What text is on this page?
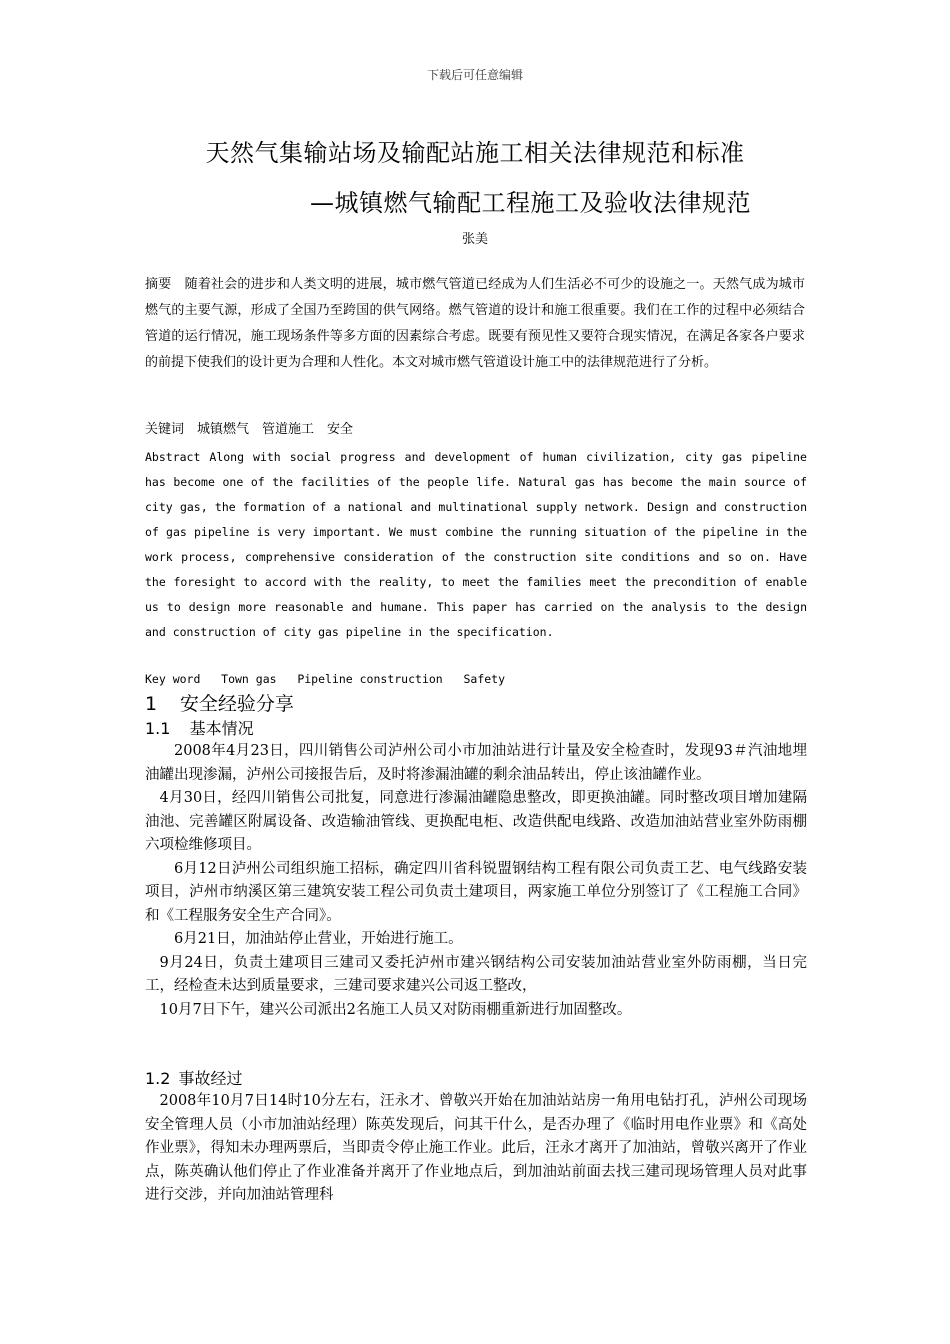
下载后可任意编辑
天然气集输站场及输配站施工相关法律规范和标准
—城镇燃气输配工程施工及验收法律规范
张美
摘要　随着社会的进步和人类文明的进展，城市燃气管道已经成为人们生活必不可少的设施之一。天然气成为城市燃气的主要气源，形成了全国乃至跨国的供气网络。燃气管道的设计和施工很重要。我们在工作的过程中必须结合管道的运行情况，施工现场条件等多方面的因素综合考虑。既要有预见性又要符合现实情况，在满足各家各户要求的前提下使我们的设计更为合理和人性化。本文对城市燃气管道设计施工中的法律规范进行了分析。
关键词　城镇燃气　管道施工　安全
Abstract Along with social progress and development of human civilization, city gas pipeline has become one of the facilities of the people life. Natural gas has become the main source of city gas, the formation of a national and multinational supply network. Design and construction of gas pipeline is very important. We must combine the running situation of the pipeline in the work process, comprehensive consideration of the construction site conditions and so on. Have the foresight to accord with the reality, to meet the families meet the precondition of enable us to design more reasonable and humane. This paper has carried on the analysis to the design and construction of city gas pipeline in the specification.
Key word   Town gas   Pipeline construction   Safety
1 安全经验分享
1.1 基本情况

2008年4月23日，四川销售公司泸州公司小市加油站进行计量及安全检查时，发现93＃汽油地埋油罐出现渗漏，泸州公司接报告后，及时将渗漏油罐的剩余油品转出，停止该油罐作业。

4月30日，经四川销售公司批复，同意进行渗漏油罐隐患整改，即更换油罐。同时整改项目增加建隔油池、完善罐区附属设备、改造输油管线、更换配电柜、改造供配电线路、改造加油站营业室外防雨棚六项检维修项目。

6月12日泸州公司组织施工招标，确定四川省科锐盟钢结构工程有限公司负责工艺、电气线路安装项目，泸州市纳溪区第三建筑安装工程公司负责土建项目，两家施工单位分别签订了《工程施工合同》和《工程服务安全生产合同》。

6月21日，加油站停止营业，开始进行施工。

9月24日，负责土建项目三建司又委托泸州市建兴钢结构公司安装加油站营业室外防雨棚，当日完工，经检查未达到质量要求，三建司要求建兴公司返工整改，

10月7日下午，建兴公司派出2名施工人员又对防雨棚重新进行加固整改。

1.2 事故经过

2008年10月7日14时10分左右，汪永才、曾敬兴开始在加油站站房一角用电钻打孔，泸州公司现场安全管理人员（小市加油站经理）陈英发现后，问其干什么，是否办理了《临时用电作业票》和《高处作业票》，得知未办理两票后，当即责令停止施工作业。此后，汪永才离开了加油站，曾敬兴离开了作业点，陈英确认他们停止了作业准备并离开了作业地点后，到加油站前面去找三建司现场管理人员对此事进行交涉，并向加油站管理科
